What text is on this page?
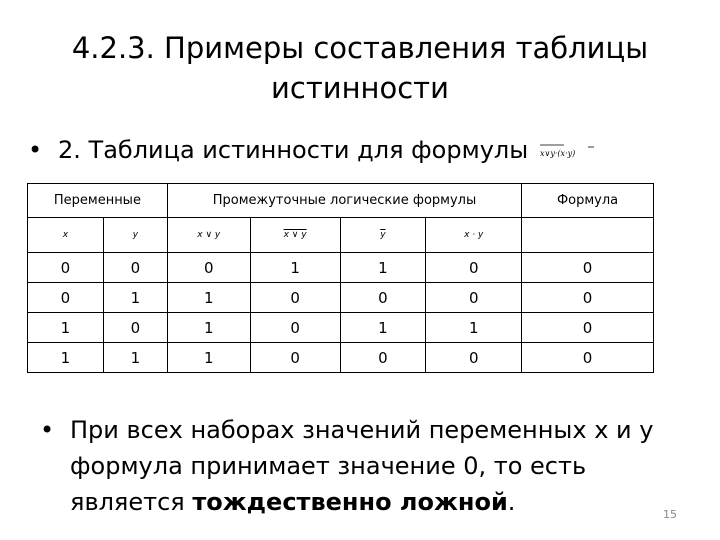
4.2.3. Примеры составления таблицы
истинности
• 2. Таблица истинности для формулы x∨y·(x·y)
Переменные		Промежуточные логические формулы				Формула
x	y	x ∨ y	x ∨ y	$\overline{y}$	x · y	
0	0	0	1	1	0	0
0	1	1	0	0	0	0
1	0	1	0	1	1	0
1	1	1	0	0	0	0
• При всех наборах значений переменных x и y формула принимает значение 0, то есть является тождественно ложной.	15
